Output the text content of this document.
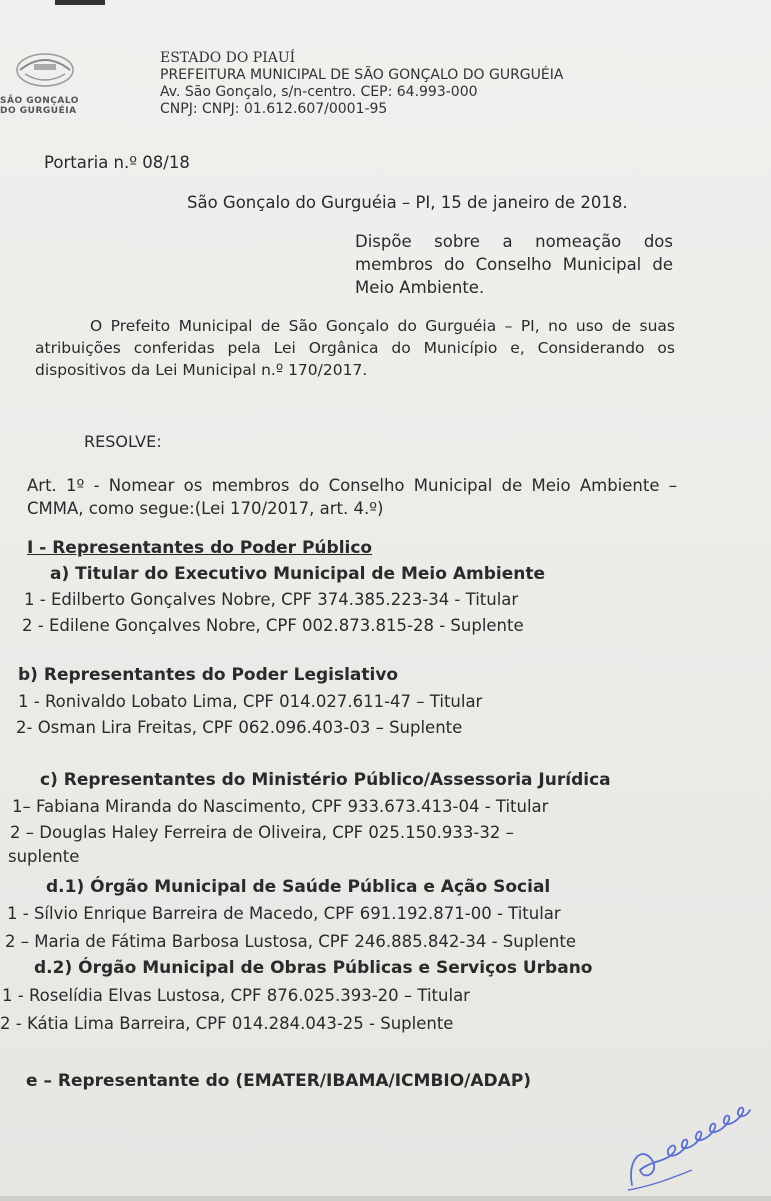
SÃO GONÇALO
DO GURGUÉIA
ESTADO DO PIAUÍ
PREFEITURA MUNICIPAL DE SÃO GONÇALO DO GURGUÉIA
Av. São Gonçalo, s/n-centro. CEP: 64.993-000
CNPJ: CNPJ: 01.612.607/0001-95
Portaria n.º 08/18
São Gonçalo do Gurguéia – PI, 15 de janeiro de 2018.
Dispõe sobre a nomeação dos membros do Conselho Municipal de Meio Ambiente.
O Prefeito Municipal de São Gonçalo do Gurguéia – PI, no uso de suas atribuições conferidas pela Lei Orgânica do Município e, Considerando os dispositivos da Lei Municipal n.º 170/2017.
RESOLVE:
Art. 1º - Nomear os membros do Conselho Municipal de Meio Ambiente – CMMA, como segue:(Lei 170/2017, art. 4.º)
I - Representantes do Poder Público
a) Titular do Executivo Municipal de Meio Ambiente
1 - Edilberto Gonçalves Nobre, CPF 374.385.223-34 - Titular
2 - Edilene Gonçalves Nobre, CPF 002.873.815-28 - Suplente
b) Representantes do Poder Legislativo
1 - Ronivaldo Lobato Lima, CPF 014.027.611-47 – Titular
2- Osman Lira Freitas, CPF 062.096.403-03 – Suplente
c) Representantes do Ministério Público/Assessoria Jurídica
1– Fabiana Miranda do Nascimento, CPF 933.673.413-04 - Titular
2 – Douglas Haley Ferreira de Oliveira, CPF 025.150.933-32 –
suplente
d.1) Órgão Municipal de Saúde Pública e Ação Social
1 - Sílvio Enrique Barreira de Macedo, CPF 691.192.871-00 - Titular
2 – Maria de Fátima Barbosa Lustosa, CPF 246.885.842-34 - Suplente
d.2) Órgão Municipal de Obras Públicas e Serviços Urbano
1 - Roselídia Elvas Lustosa, CPF 876.025.393-20 – Titular
2 - Kátia Lima Barreira, CPF 014.284.043-25 - Suplente
e – Representante do (EMATER/IBAMA/ICMBIO/ADAP)
